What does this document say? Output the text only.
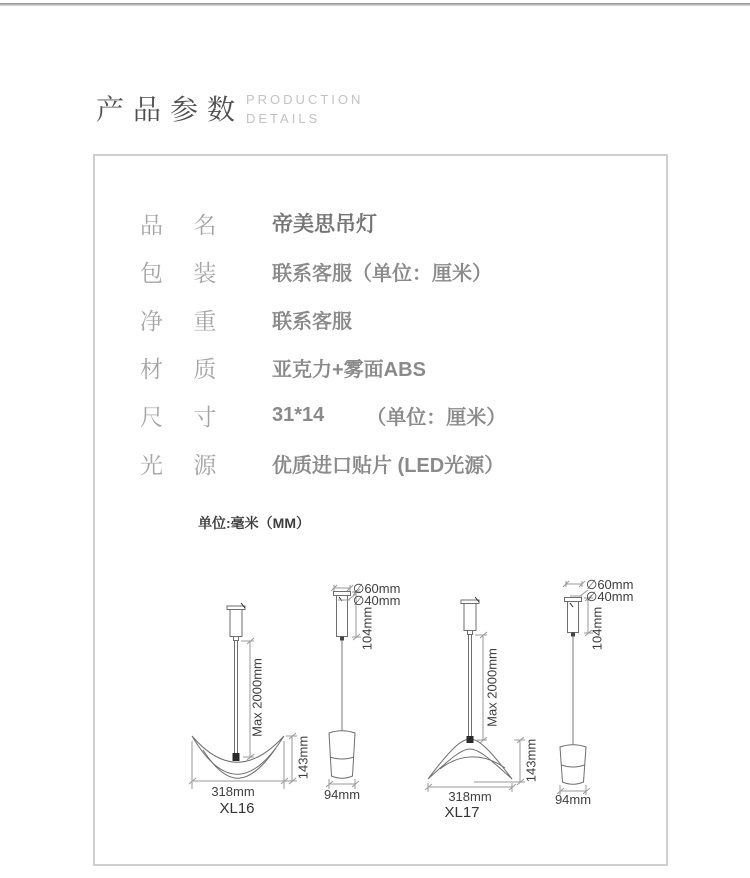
产品参数 PRODUCTION
DETAILS
品 名	帝美思吊灯
包 装	联系客服（单位：厘米）
净 重	联系客服
材 质	亚克力+雾面ABS
尺 寸	31*14 （单位：厘米）
光 源	优质进口贴片 (LED光源）
单位:毫米（MM）
Max 2000mm
143mm
318mm
XL16
∅60mm
∅40mm
104mm
94mm
Max 2000mm
143mm
318mm
XL17
∅60mm
∅40mm
104mm
94mm
